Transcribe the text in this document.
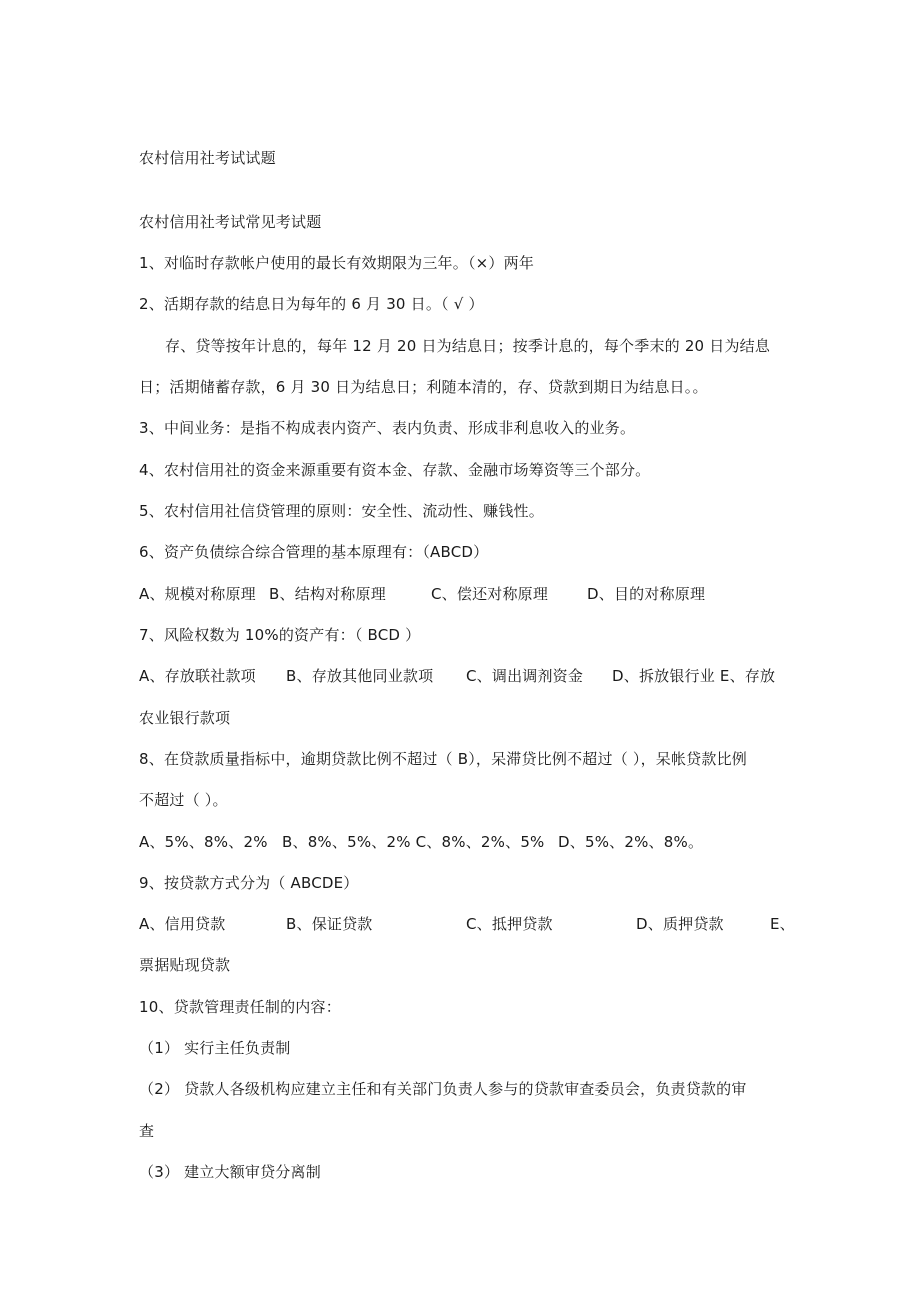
农村信用社考试试题
农村信用社考试常见考试题
1、对临时存款帐户使用的最长有效期限为三年。（×）两年
2、活期存款的结息日为每年的 6 月 30 日。（ √ ）
存、贷等按年计息的，每年 12 月 20 日为结息日；按季计息的，每个季末的 20 日为结息
日；活期储蓄存款，6 月 30 日为结息日；利随本清的，存、贷款到期日为结息日。。
3、中间业务：是指不构成表内资产、表内负责、形成非利息收入的业务。
4、农村信用社的资金来源重要有资本金、存款、金融市场筹资等三个部分。
5、农村信用社信贷管理的原则：安全性、流动性、赚钱性。
6、资产负债综合综合管理的基本原理有：（ABCD）
A、规模对称原理 B、结构对称原理	C、偿还对称原理	D、目的对称原理
7、风险权数为 10%的资产有：（ BCD ）
A、存放联社款项	B、存放其他同业款项	C、调出调剂资金	D、拆放银行业 E、存放
农业银行款项
8、在贷款质量指标中，逾期贷款比例不超过（ B），呆滞贷比例不超过（ ），呆帐贷款比例
不超过（ ）。
A、5%、8%、2% B、8%、5%、2% C、8%、2%、5% D、5%、2%、8%。
9、按贷款方式分为（ ABCDE）
A、信用贷款	B、保证贷款	C、抵押贷款	D、质押贷款	E、
票据贴现贷款
10、贷款管理责任制的内容：
（1） 实行主任负责制
（2） 贷款人各级机构应建立主任和有关部门负责人参与的贷款审查委员会，负责贷款的审
查
（3） 建立大额审贷分离制
